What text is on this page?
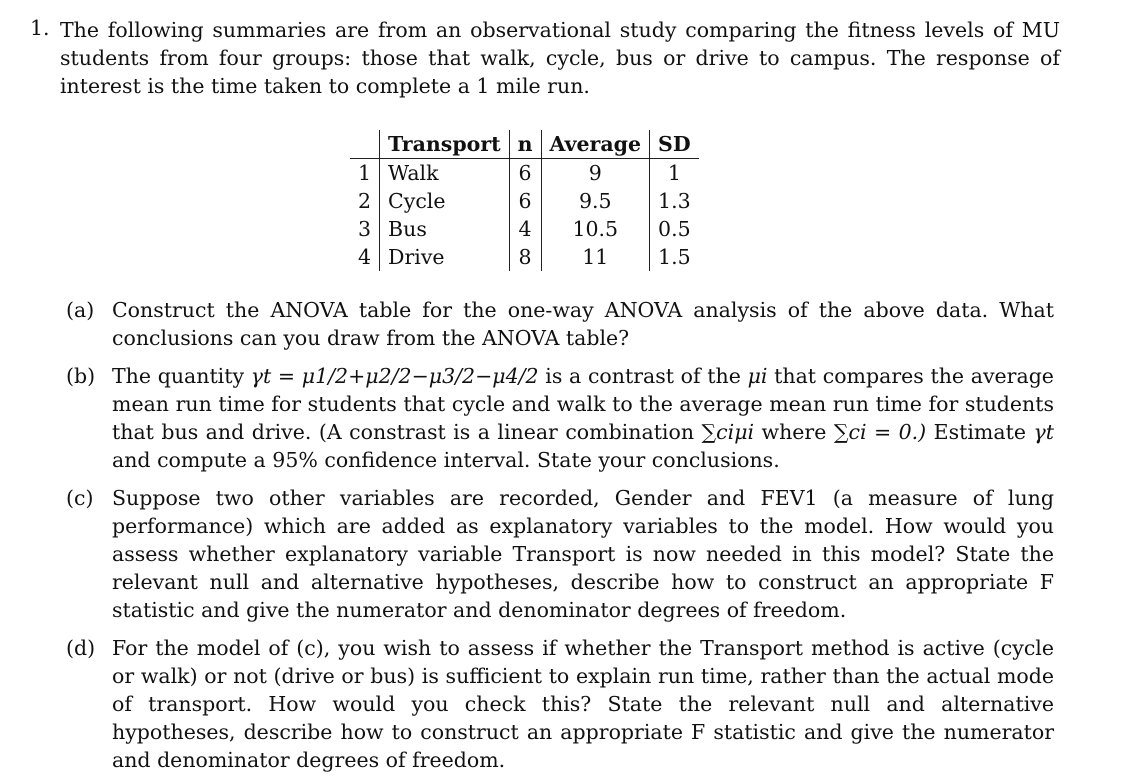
1. The following summaries are from an observational study comparing the fitness levels of MU students from four groups: those that walk, cycle, bus or drive to campus. The response of interest is the time taken to complete a 1 mile run.
	Transport	n	Average	SD
1	Walk	6	9	1
2	Cycle	6	9.5	1.3
3	Bus	4	10.5	0.5
4	Drive	8	11	1.5
(a) Construct the ANOVA table for the one-way ANOVA analysis of the above data. What conclusions can you draw from the ANOVA table?
(b) The quantity γt = μ1/2+μ2/2−μ3/2−μ4/2 is a contrast of the μi that compares the average mean run time for students that cycle and walk to the average mean run time for students that bus and drive. (A constrast is a linear combination ∑ciμi where ∑ci = 0.) Estimate γt and compute a 95% confidence interval. State your conclusions.
(c) Suppose two other variables are recorded, Gender and FEV1 (a measure of lung performance) which are added as explanatory variables to the model. How would you assess whether explanatory variable Transport is now needed in this model? State the relevant null and alternative hypotheses, describe how to construct an appropriate F statistic and give the numerator and denominator degrees of freedom.
(d) For the model of (c), you wish to assess if whether the Transport method is active (cycle or walk) or not (drive or bus) is sufficient to explain run time, rather than the actual mode of transport. How would you check this? State the relevant null and alternative hypotheses, describe how to construct an appropriate F statistic and give the numerator and denominator degrees of freedom.
